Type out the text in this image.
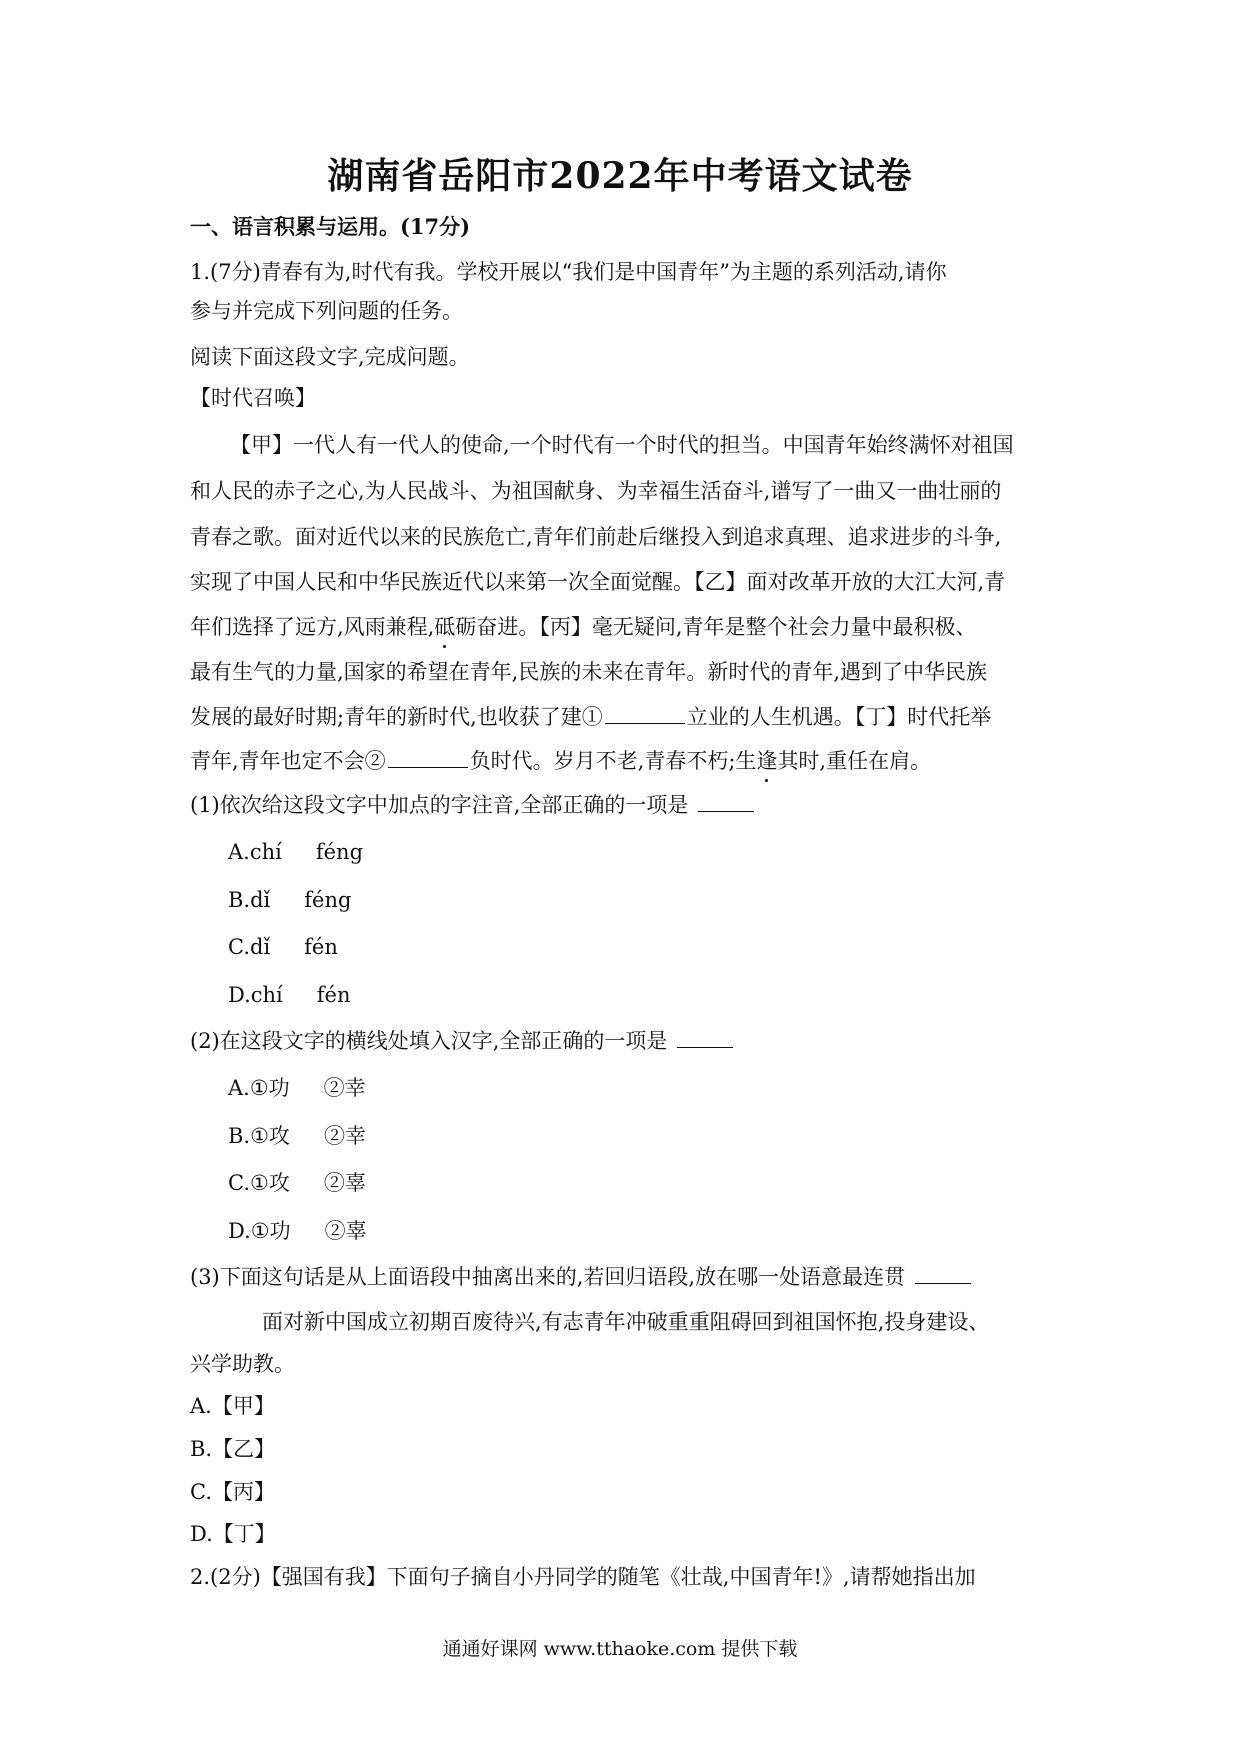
湖南省岳阳市2022年中考语文试卷
一、语言积累与运用。(17分)
1.(7分)青春有为,时代有我。学校开展以“我们是中国青年”为主题的系列活动,请你
参与并完成下列问题的任务。
阅读下面这段文字,完成问题。
【时代召唤】
【甲】一代人有一代人的使命,一个时代有一个时代的担当。中国青年始终满怀对祖国
和人民的赤子之心,为人民战斗、为祖国献身、为幸福生活奋斗,谱写了一曲又一曲壮丽的
青春之歌。面对近代以来的民族危亡,青年们前赴后继投入到追求真理、追求进步的斗争,
实现了中国人民和中华民族近代以来第一次全面觉醒。【乙】面对改革开放的大江大河,青
年们选择了远方,风雨兼程,砥砺奋进。【丙】毫无疑问,青年是整个社会力量中最积极、
最有生气的力量,国家的希望在青年,民族的未来在青年。新时代的青年,遇到了中华民族
发展的最好时期;青年的新时代,也收获了建①	立业的人生机遇。【丁】时代托举
青年,青年也定不会②	负时代。岁月不老,青春不朽;生逢其时,重任在肩。
(1)依次给这段文字中加点的字注音,全部正确的一项是
A.chí féng
B.dǐ féng
C.dǐ fén
D.chí fén
(2)在这段文字的横线处填入汉字,全部正确的一项是
A.①功 ②幸
B.①攻 ②幸
C.①攻 ②辜
D.①功 ②辜
(3)下面这句话是从上面语段中抽离出来的,若回归语段,放在哪一处语意最连贯
面对新中国成立初期百废待兴,有志青年冲破重重阻碍回到祖国怀抱,投身建设、
兴学助教。
A.【甲】
B.【乙】
C.【丙】
D.【丁】
2.(2分)【强国有我】下面句子摘自小丹同学的随笔《壮哉,中国青年!》,请帮她指出加
通通好课网 www.tthaoke.com 提供下载
